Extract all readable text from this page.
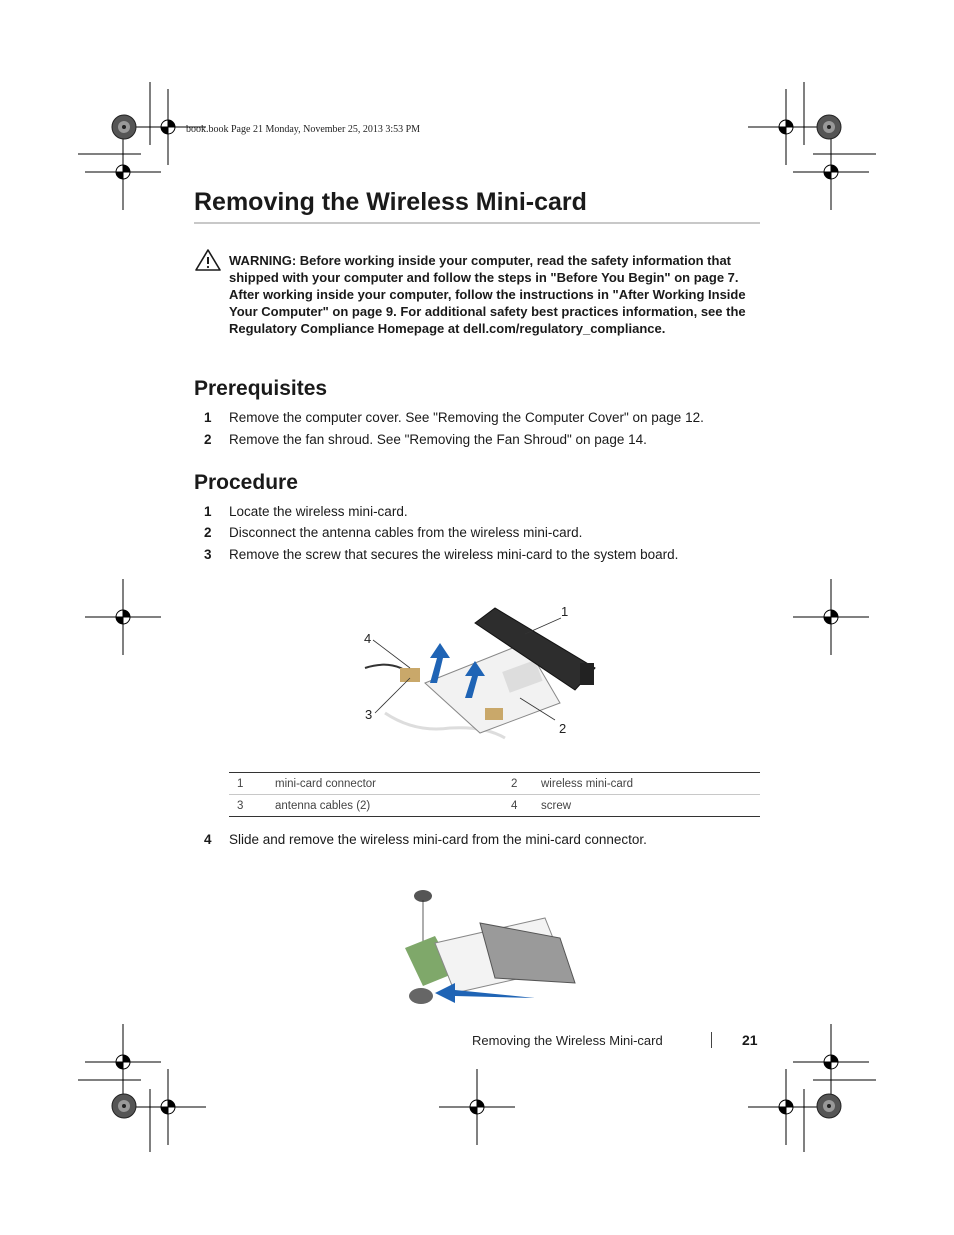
book.book Page 21 Monday, November 25, 2013 3:53 PM
Removing the Wireless Mini-card

WARNING: Before working inside your computer, read the safety information that shipped with your computer and follow the steps in "Before You Begin" on page 7. After working inside your computer, follow the instructions in "After Working Inside Your Computer" on page 9. For additional safety best practices information, see the Regulatory Compliance Homepage at dell.com/regulatory_compliance.

Prerequisites
1 Remove the computer cover. See "Removing the Computer Cover" on page 12.
2 Remove the fan shroud. See "Removing the Fan Shroud" on page 14.
Procedure
1 Locate the wireless mini-card.
2 Disconnect the antenna cables from the wireless mini-card.
3 Remove the screw that secures the wireless mini-card to the system board.
1
2
3
4
1	mini-card connector	2	wireless mini-card
3	antenna cables (2)	4	screw
4 Slide and remove the wireless mini-card from the mini-card connector.
Removing the Wireless Mini-card	21
